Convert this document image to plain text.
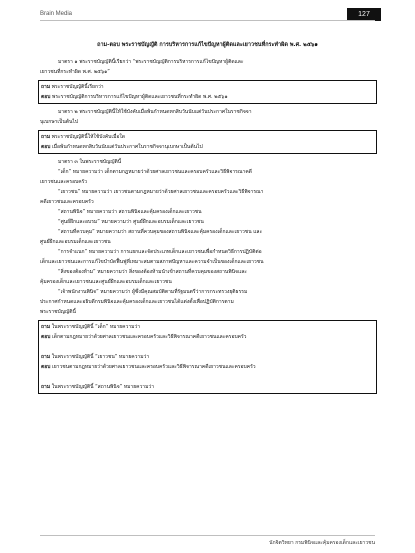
Brain Media	127
ถาม-ตอบ พระราชบัญญัติ การบริหารการแก้ไขปัญหาผู้ติดและเยาวชนที่กระทำผิด พ.ศ. ๒๕๖๑

มาตรา ๑ พระราชบัญญัตินี้เรียกว่า “พระราชบัญญัติการบริหารการแก้ไขปัญหาผู้ติดและ

เยาวชนที่กระทำผิด พ.ศ. ๒๕๖๑”

ถาม พระราชบัญญัตินี้เรียกว่า
ตอบ พระราชบัญญัติการบริหารการแก้ไขปัญหาผู้ติดและเยาวชนที่กระทำผิด พ.ศ. ๒๕๖๑

มาตรา ๒ พระราชบัญญัตินี้ให้ใช้บังคับเมื่อพ้นกำหนดหกสิบวันนับแต่วันประกาศในราชกิจจา

นุเบกษาเป็นต้นไป

ถาม พระราชบัญญัตินี้ให้ใช้บังคับเมื่อใด
ตอบ เมื่อพ้นกำหนดหกสิบวันนับแต่วันประกาศในราชกิจจานุเบกษาเป็นต้นไป

มาตรา ๓ ในพระราชบัญญัตินี้

“เด็ก” หมายความว่า เด็กตามกฎหมายว่าด้วยศาลเยาวชนและครอบครัวและวิธีพิจารณาคดี

เยาวชนและครอบครัว

“เยาวชน” หมายความว่า เยาวชนตามกฎหมายว่าด้วยศาลเยาวชนและครอบครัวและวิธีพิจารณา

คดีเยาวชนและครอบครัว

“สถานพินิจ” หมายความว่า สถานพินิจและคุ้มครองเด็กและเยาวชน

“ศูนย์ฝึกและอบรม” หมายความว่า ศูนย์ฝึกและอบรมเด็กและเยาวชน

“สถานที่ควบคุม” หมายความว่า สถานที่ควบคุมของสถานพินิจและคุ้มครองเด็กและเยาวชน และ

ศูนย์ฝึกและอบรมเด็กและเยาวชน

“การจำแนก” หมายความว่า การแยกและจัดประเภทเด็กและเยาวชนเพื่อกำหนดวิธีการปฏิบัติต่อ

เด็กและเยาวชนและการแก้ไขบำบัดฟื้นฟูที่เหมาะสมตามสภาพปัญหาและความจำเป็นของเด็กและเยาวชน

“สิ่งของต้องห้าม” หมายความว่า สิ่งของต้องห้ามนำเข้าสถานที่ควบคุมของสถานพินิจและ

คุ้มครองเด็กและเยาวชนและศูนย์ฝึกและอบรมเด็กและเยาวชน

“เจ้าพนักงานพินิจ” หมายความว่า ผู้ซึ่งมีคุณสมบัติตามที่รัฐมนตรีว่าการกระทรวงยุติธรรม

ประกาศกำหนดและอธิบดีกรมพินิจและคุ้มครองเด็กและเยาวชนได้แต่งตั้งเพื่อปฏิบัติการตาม

พระราชบัญญัตินี้

ถาม ในพระราชบัญญัตินี้ “เด็ก” หมายความว่า
ตอบ เด็กตามกฎหมายว่าด้วยศาลเยาวชนและครอบครัวและวิธีพิจารณาคดีเยาวชนและครอบครัว
ถาม ในพระราชบัญญัตินี้ “เยาวชน” หมายความว่า
ตอบ เยาวชนตามกฎหมายว่าด้วยศาลเยาวชนและครอบครัวและวิธีพิจารณาคดีเยาวชนและครอบครัว
ถาม ในพระราชบัญญัตินี้ “สถานพินิจ” หมายความว่า
นักจิตวิทยา กรมพินิจและคุ้มครองเด็กและเยาวชน
